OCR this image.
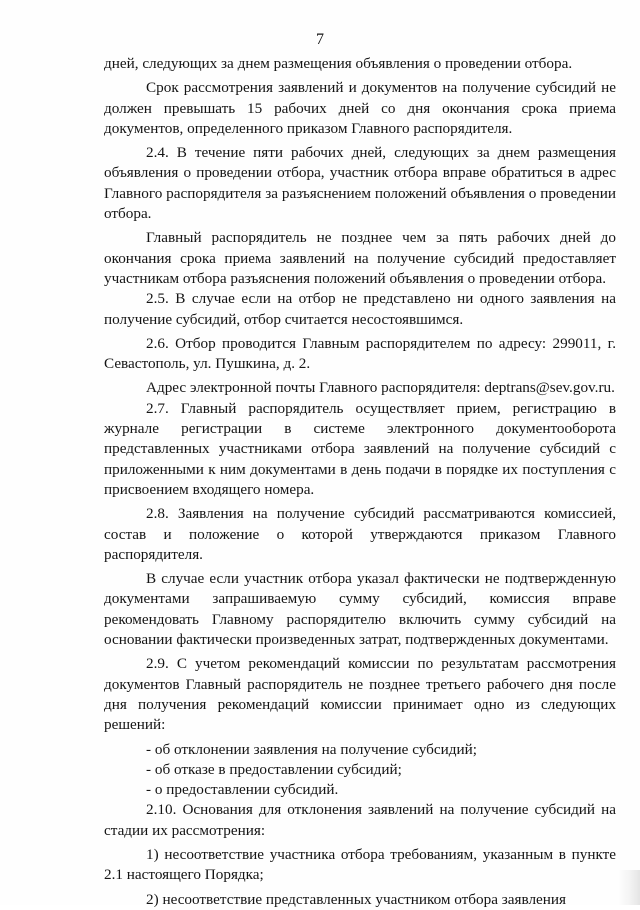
7

дней, следующих за днем размещения объявления о проведении отбора.

Срок рассмотрения заявлений и документов на получение субсидий не должен превышать 15 рабочих дней со дня окончания срока приема документов, определенного приказом Главного распорядителя.

2.4. В течение пяти рабочих дней, следующих за днем размещения объявления о проведении отбора, участник отбора вправе обратиться в адрес Главного распорядителя за разъяснением положений объявления о проведении отбора.

Главный распорядитель не позднее чем за пять рабочих дней до окончания срока приема заявлений на получение субсидий предоставляет участникам отбора разъяснения положений объявления о проведении отбора.

2.5. В случае если на отбор не представлено ни одного заявления на получение субсидий, отбор считается несостоявшимся.

2.6. Отбор проводится Главным распорядителем по адресу: 299011, г. Севастополь, ул. Пушкина, д. 2.

Адрес электронной почты Главного распорядителя: deptrans@sev.gov.ru.

2.7. Главный распорядитель осуществляет прием, регистрацию в журнале регистрации в системе электронного документооборота представленных участниками отбора заявлений на получение субсидий с приложенными к ним документами в день подачи в порядке их поступления с присвоением входящего номера.

2.8. Заявления на получение субсидий рассматриваются комиссией, состав и положение о которой утверждаются приказом Главного распорядителя.

В случае если участник отбора указал фактически не подтвержденную документами запрашиваемую сумму субсидий, комиссия вправе рекомендовать Главному распорядителю включить сумму субсидий на основании фактически произведенных затрат, подтвержденных документами.

2.9. С учетом рекомендаций комиссии по результатам рассмотрения документов Главный распорядитель не позднее третьего рабочего дня после дня получения рекомендаций комиссии принимает одно из следующих решений:

- об отклонении заявления на получение субсидий;

- об отказе в предоставлении субсидий;

- о предоставлении субсидий.

2.10. Основания для отклонения заявлений на получение субсидий на стадии их рассмотрения:

1) несоответствие участника отбора требованиям, указанным в пункте 2.1 настоящего Порядка;

2) несоответствие представленных участником отбора заявления
